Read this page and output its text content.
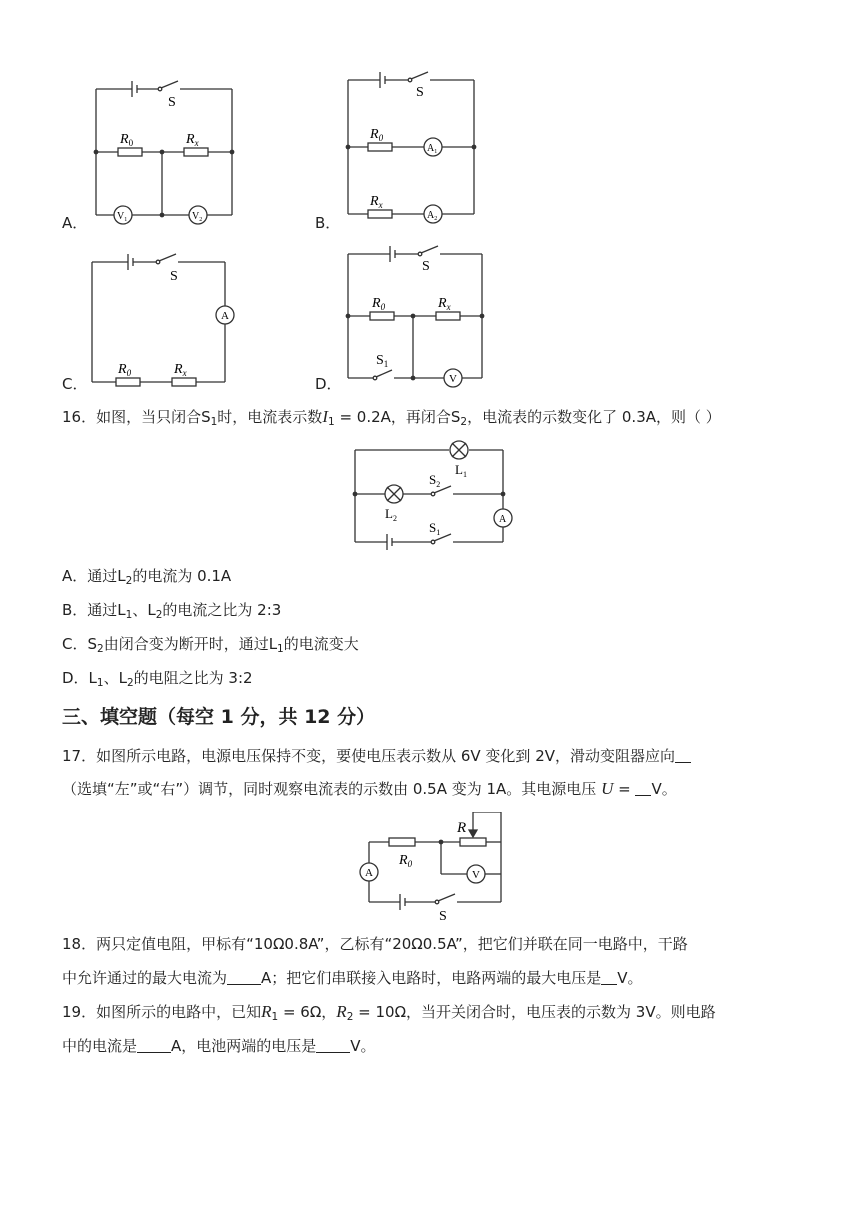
A．
S
$R_0$	$R_x$
$V_1$	$V_2$	B．
S
$R_0$
$R_x$
$A_1$
$A_2$
C．
S
A
$R_0$	$R_x$
D．
S
$R_0$	$R_x$
$S_1$
V
16．如图，当只闭合$S_1$时，电流表示数$I_1 = 0.2A$，再闭合$S_2$，电流表的示数变化了 0.3A，则（ ）
$L_1$
$L_2$
$S_2$
$S_1$
A
A．通过$L_2$的电流为 0.1A
B．通过$L_1$、$L_2$的电流之比为 2:3
C．$S_2$由闭合变为断开时，通过$L_1$的电流变大
D．$L_1$、$L_2$的电阻之比为 3:2
三、填空题（每空 1 分，共 12 分）
17．如图所示电路，电源电压保持不变，要使电压表示数从 6V 变化到 2V，滑动变阻器应向
（选填“左”或“右”）调节，同时观察电流表的示数由 0.5A 变为 1A。其电源电压 U = V。
R
$R_0$
A	V
S
18．两只定值电阻，甲标有“10Ω0.8A”，乙标有“20Ω0.5A”，把它们并联在同一电路中，干路
中允许通过的最大电流为 A；把它们串联接入电路时，电路两端的最大电压是 V。
19．如图所示的电路中，已知$R_1 = 6\Omega$，$R_2 = 10\Omega$，当开关闭合时，电压表的示数为 3V。则电路
中的电流是 A，电池两端的电压是 V。
